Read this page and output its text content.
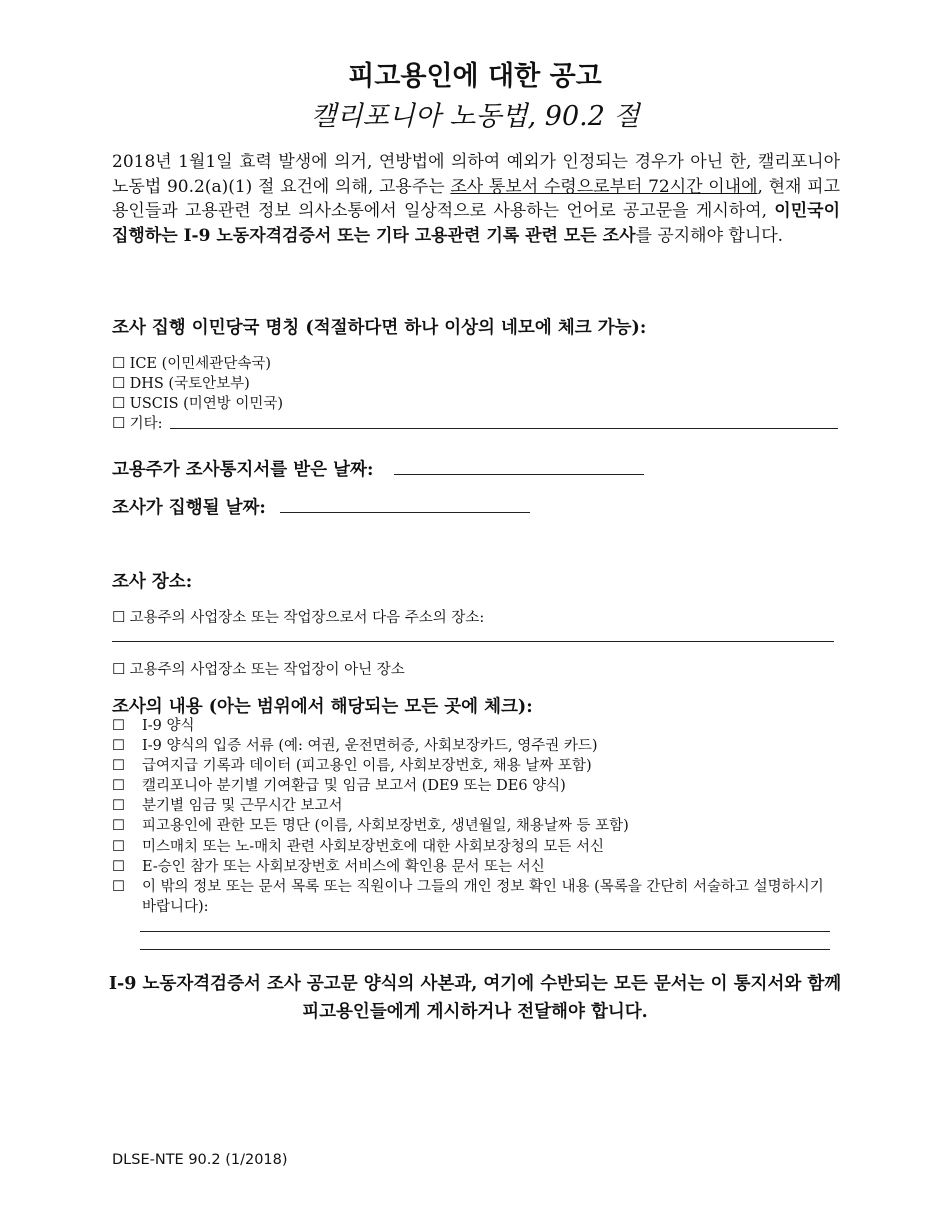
피고용인에 대한 공고
캘리포니아 노동법, 90.2 절
2018년 1월1일 효력 발생에 의거, 연방법에 의하여 예외가 인정되는 경우가 아닌 한, 캘리포니아 노동법 90.2(a)(1) 절 요건에 의해, 고용주는 조사 통보서 수령으로부터 72시간 이내에, 현재 피고용인들과 고용관련 정보 의사소통에서 일상적으로 사용하는 언어로 공고문을 게시하여, 이민국이 집행하는 I-9 노동자격검증서 또는 기타 고용관련 기록 관련 모든 조사를 공지해야 합니다.
조사 집행 이민당국 명칭 (적절하다면 하나 이상의 네모에 체크 가능):
☐ ICE (이민세관단속국)
☐ DHS (국토안보부)
☐ USCIS (미연방 이민국)
☐ 기타:
고용주가 조사통지서를 받은 날짜:
조사가 집행될 날짜:
조사 장소:
☐ 고용주의 사업장소 또는 작업장으로서 다음 주소의 장소:
☐ 고용주의 사업장소 또는 작업장이 아닌 장소
조사의 내용 (아는 범위에서 해당되는 모든 곳에 체크):
☐	I-9 양식
☐	I-9 양식의 입증 서류 (예: 여권, 운전면허증, 사회보장카드, 영주권 카드)
☐	급여지급 기록과 데이터 (피고용인 이름, 사회보장번호, 채용 날짜 포함)
☐	캘리포니아 분기별 기여환급 및 임금 보고서 (DE9 또는 DE6 양식)
☐	분기별 임금 및 근무시간 보고서
☐	피고용인에 관한 모든 명단 (이름, 사회보장번호, 생년월일, 채용날짜 등 포함)
☐	미스매치 또는 노-매치 관련 사회보장번호에 대한 사회보장청의 모든 서신
☐	E-승인 참가 또는 사회보장번호 서비스에 확인용 문서 또는 서신
☐	이 밖의 정보 또는 문서 목록 또는 직원이나 그들의 개인 정보 확인 내용 (목록을 간단히 서술하고 설명하시기 바랍니다):
I-9 노동자격검증서 조사 공고문 양식의 사본과, 여기에 수반되는 모든 문서는 이 통지서와 함께 피고용인들에게 게시하거나 전달해야 합니다.
DLSE-NTE 90.2 (1/2018)
